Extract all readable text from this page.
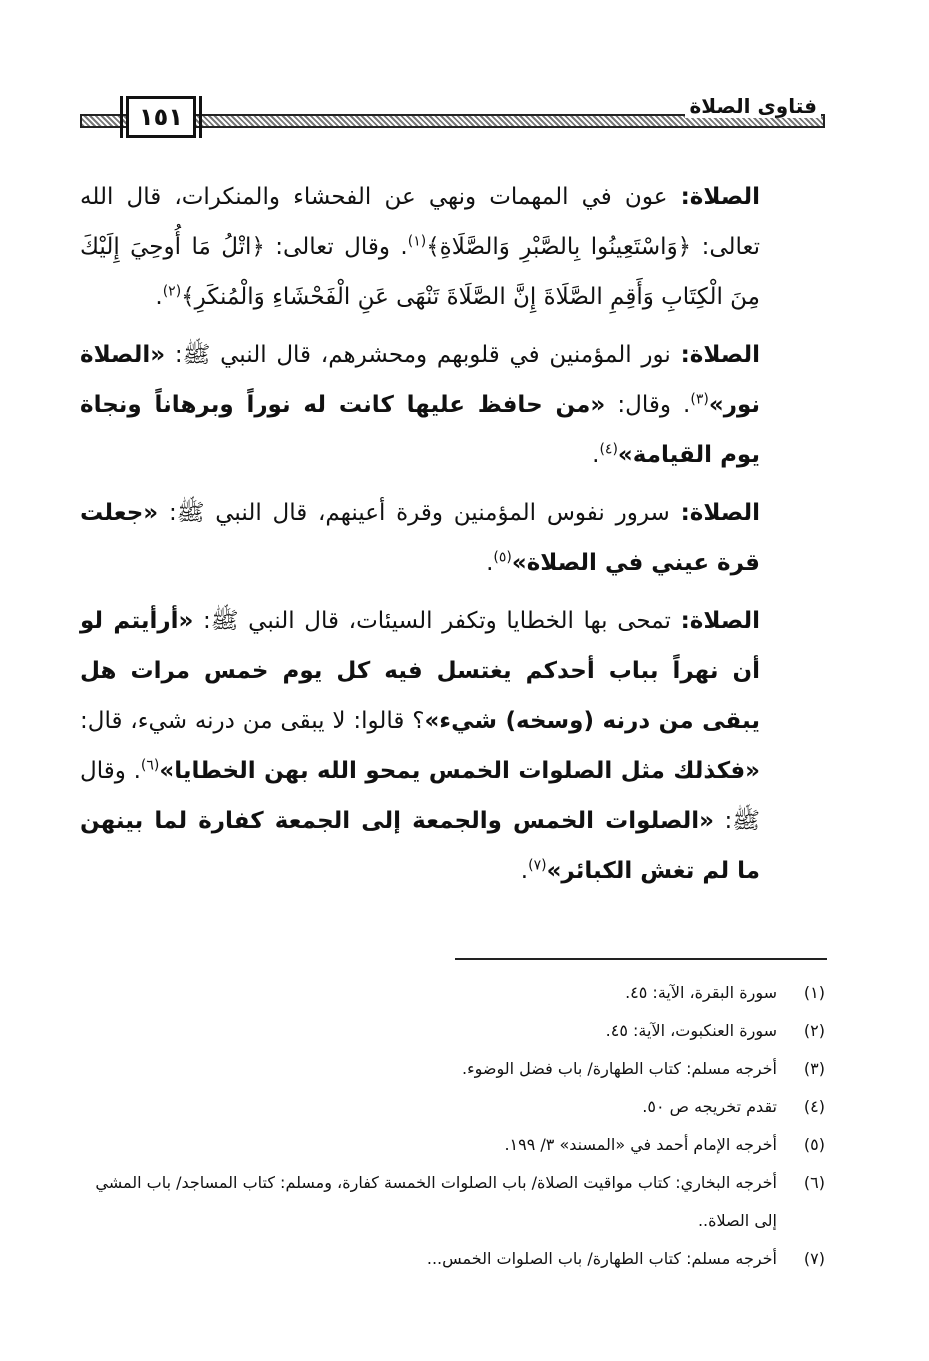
١٥١	فتاوى الصلاة

الصلاة: عون في المهمات ونهي عن الفحشاء والمنكرات، قال الله تعالى: ﴿وَاسْتَعِينُوا بِالصَّبْرِ وَالصَّلَاةِ﴾$^{(١)}$. وقال تعالى: ﴿اتْلُ مَا أُوحِيَ إِلَيْكَ مِنَ الْكِتَابِ وَأَقِمِ الصَّلَاةَ إِنَّ الصَّلَاةَ تَنْهَى عَنِ الْفَحْشَاءِ وَالْمُنكَرِ﴾$^{(٢)}$.

الصلاة: نور المؤمنين في قلوبهم ومحشرهم، قال النبي ﷺ: «الصلاة نور»$^{(٣)}$. وقال: «من حافظ عليها كانت له نوراً وبرهاناً ونجاة يوم القيامة»$^{(٤)}$.

الصلاة: سرور نفوس المؤمنين وقرة أعينهم، قال النبي ﷺ: «جعلت قرة عيني في الصلاة»$^{(٥)}$.

الصلاة: تمحى بها الخطايا وتكفر السيئات، قال النبي ﷺ: «أرأيتم لو أن نهراً بباب أحدكم يغتسل فيه كل يوم خمس مرات هل يبقى من درنه (وسخه) شيء»؟ قالوا: لا يبقى من درنه شيء، قال: «فكذلك مثل الصلوات الخمس يمحو الله بهن الخطايا»$^{(٦)}$. وقال ﷺ: «الصلوات الخمس والجمعة إلى الجمعة كفارة لما بينهن ما لم تغش الكبائر»$^{(٧)}$.

(١)سورة البقرة، الآية: ٤٥.

(٢)سورة العنكبوت، الآية: ٤٥.

(٣)أخرجه مسلم: كتاب الطهارة/ باب فضل الوضوء.

(٤)تقدم تخريجه ص ٥٠.

(٥)أخرجه الإمام أحمد في «المسند» ٣/ ١٩٩.

(٦)أخرجه البخاري: كتاب مواقيت الصلاة/ باب الصلوات الخمسة كفارة، ومسلم: كتاب المساجد/ باب المشي إلى الصلاة..

(٧)أخرجه مسلم: كتاب الطهارة/ باب الصلوات الخمس...
